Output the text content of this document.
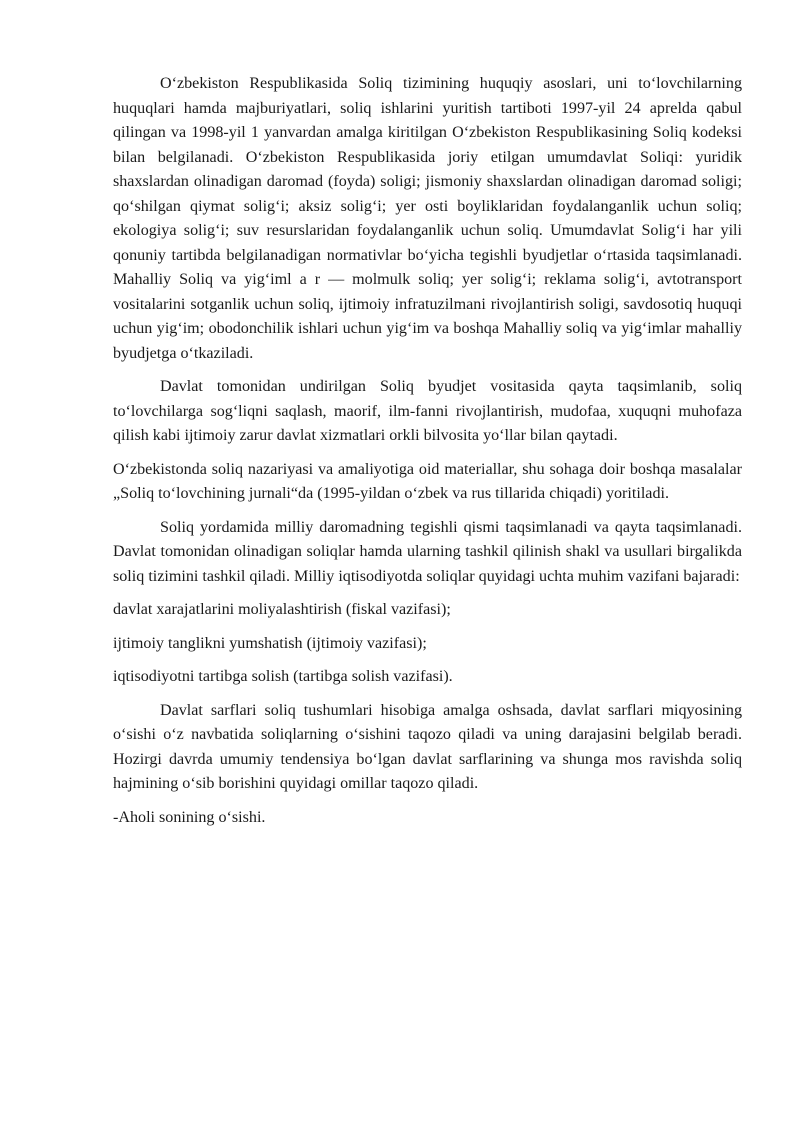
O‘zbekiston Respublikasida Soliq tizimining huquqiy asoslari, uni to‘lovchilarning huquqlari hamda majburiyatlari, soliq ishlarini yuritish tartiboti 1997-yil 24 aprelda qabul qilingan va 1998-yil 1 yanvardan amalga kiritilgan O‘zbekiston Respublikasining Soliq kodeksi bilan belgilanadi. O‘zbekiston Respublikasida joriy etilgan umumdavlat Soliqi: yuridik shaxslardan olinadigan daromad (foyda) soligi; jismoniy shaxslardan olinadigan daromad soligi; qo‘shilgan qiymat solig‘i; aksiz solig‘i; yer osti boyliklaridan foydalanganlik uchun soliq; ekologiya solig‘i; suv resurslaridan foydalanganlik uchun soliq. Umumdavlat Solig‘i har yili qonuniy tartibda belgilanadigan normativlar bo‘yicha tegishli byudjetlar o‘rtasida taqsimlanadi. Mahalliy Soliq va yig‘iml a r — molmulk soliq; yer solig‘i; reklama solig‘i, avtotransport vositalarini sotganlik uchun soliq, ijtimoiy infratuzilmani rivojlantirish soligi, savdosotiq huquqi uchun yig‘im; obodonchilik ishlari uchun yig‘im va boshqa Mahalliy soliq va yig‘imlar mahalliy byudjetga o‘tkaziladi.

Davlat tomonidan undirilgan Soliq byudjet vositasida qayta taqsimlanib, soliq to‘lovchilarga sog‘liqni saqlash, maorif, ilm-fanni rivojlantirish, mudofaa, xuquqni muhofaza qilish kabi ijtimoiy zarur davlat xizmatlari orkli bilvosita yo‘llar bilan qaytadi.

O‘zbekistonda soliq nazariyasi va amaliyotiga oid materiallar, shu sohaga doir boshqa masalalar „Soliq to‘lovchining jurnali“da (1995-yildan o‘zbek va rus tillarida chiqadi) yoritiladi.

Soliq yordamida milliy daromadning tegishli qismi taqsimlanadi va qayta taqsimlanadi. Davlat tomonidan olinadigan soliqlar hamda ularning tashkil qilinish shakl va usullari birgalikda soliq tizimini tashkil qiladi. Milliy iqtisodiyotda soliqlar quyidagi uchta muhim vazifani bajaradi:

davlat xarajatlarini moliyalashtirish (fiskal vazifasi);

ijtimoiy tanglikni yumshatish (ijtimoiy vazifasi);

iqtisodiyotni tartibga solish (tartibga solish vazifasi).

Davlat sarflari soliq tushumlari hisobiga amalga oshsada, davlat sarflari miqyosining o‘sishi o‘z navbatida soliqlarning o‘sishini taqozo qiladi va uning darajasini belgilab beradi. Hozirgi davrda umumiy tendensiya bo‘lgan davlat sarflarining va shunga mos ravishda soliq hajmining o‘sib borishini quyidagi omillar taqozo qiladi.

-Aholi sonining o‘sishi.
